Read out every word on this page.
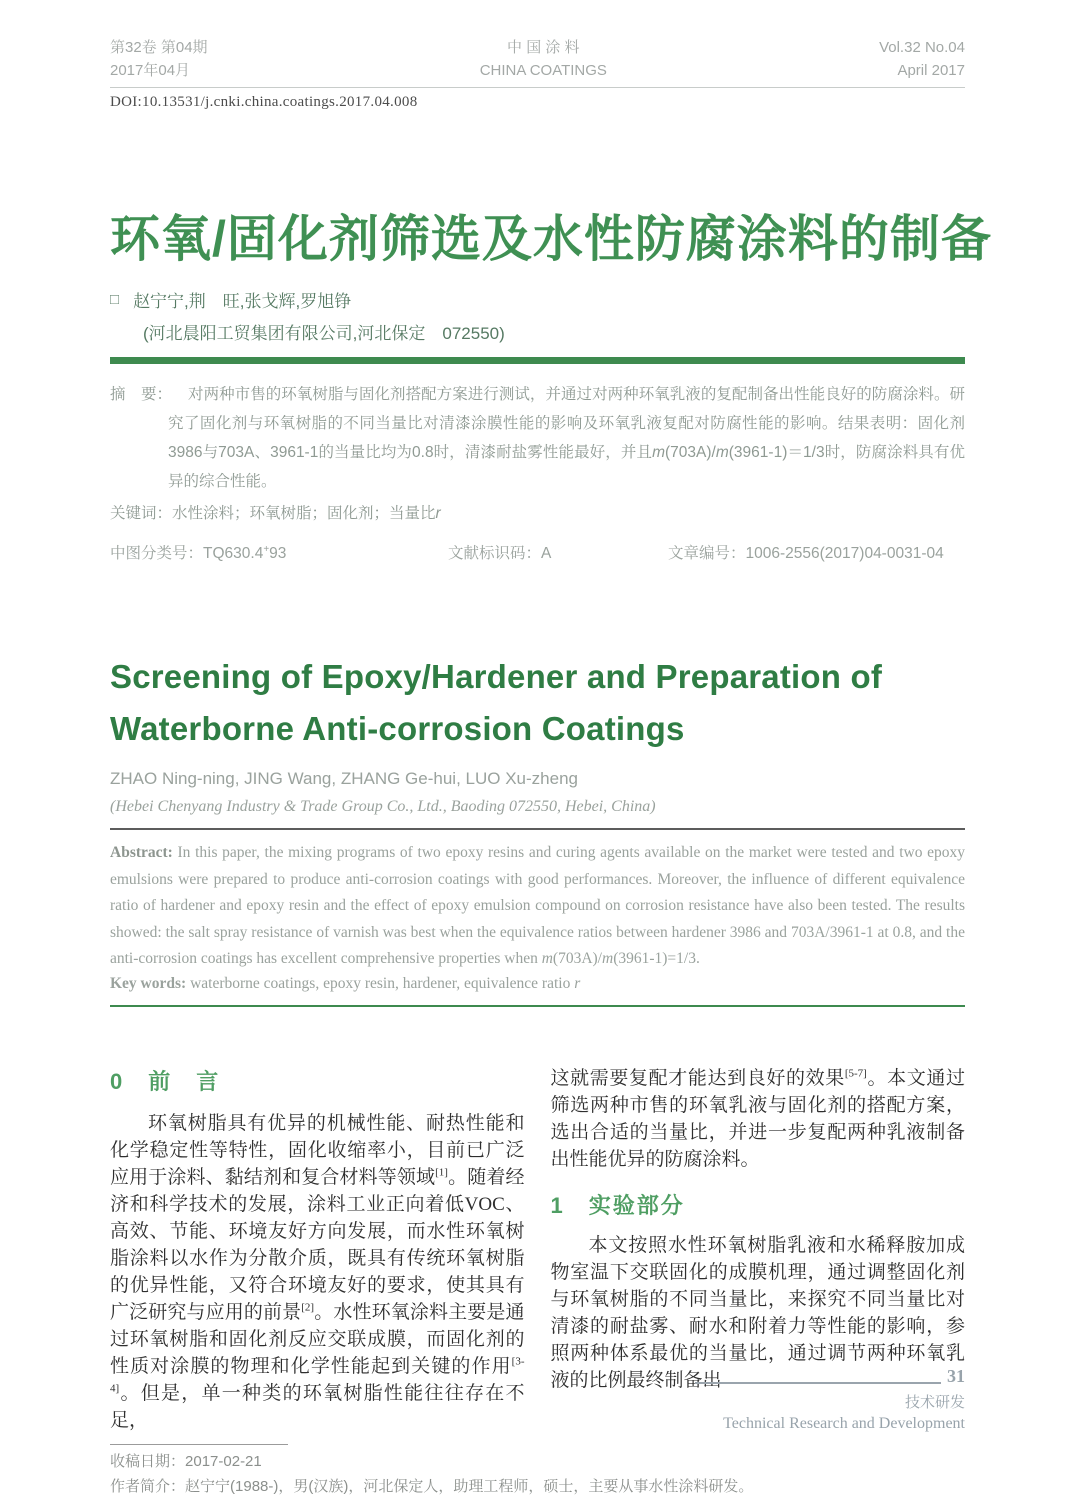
第32卷 第04期
2017年04月
中 国 涂 料
CHINA COATINGS
Vol.32 No.04
April 2017
DOI:10.13531/j.cnki.china.coatings.2017.04.008
环氧/固化剂筛选及水性防腐涂料的制备
□ 赵宁宁,荆　旺,张戈辉,罗旭铮
(河北晨阳工贸集团有限公司,河北保定　072550)
摘　要： 对两种市售的环氧树脂与固化剂搭配方案进行测试，并通过对两种环氧乳液的复配制备出性能良好的防腐涂料。研究了固化剂与环氧树脂的不同当量比对清漆涂膜性能的影响及环氧乳液复配对防腐性能的影响。结果表明：固化剂3986与703A、3961-1的当量比均为0.8时，清漆耐盐雾性能最好，并且m(703A)/m(3961-1)＝1/3时，防腐涂料具有优异的综合性能。
关键词：水性涂料；环氧树脂；固化剂；当量比r
中图分类号：TQ630.4+93	文献标识码：A	文章编号：1006-2556(2017)04-0031-04
Screening of Epoxy/Hardener and Preparation of
Waterborne Anti-corrosion Coatings
ZHAO Ning-ning, JING Wang, ZHANG Ge-hui, LUO Xu-zheng
(Hebei Chenyang Industry & Trade Group Co., Ltd., Baoding 072550, Hebei, China)
Abstract: In this paper, the mixing programs of two epoxy resins and curing agents available on the market were tested and two epoxy emulsions were prepared to produce anti-corrosion coatings with good performances. Moreover, the influence of different equivalence ratio of hardener and epoxy resin and the effect of epoxy emulsion compound on corrosion resistance have also been tested. The results showed: the salt spray resistance of varnish was best when the equivalence ratios between hardener 3986 and 703A/3961-1 at 0.8, and the anti-corrosion coatings has excellent comprehensive properties when m(703A)/m(3961-1)=1/3.
Key words: waterborne coatings, epoxy resin, hardener, equivalence ratio r
0 前　言

环氧树脂具有优异的机械性能、耐热性能和化学稳定性等特性，固化收缩率小，目前已广泛应用于涂料、黏结剂和复合材料等领域[1]。随着经济和科学技术的发展，涂料工业正向着低VOC、高效、节能、环境友好方向发展，而水性环氧树脂涂料以水作为分散介质，既具有传统环氧树脂的优异性能，又符合环境友好的要求，使其具有广泛研究与应用的前景[2]。水性环氧涂料主要是通过环氧树脂和固化剂反应交联成膜，而固化剂的性质对涂膜的物理和化学性能起到关键的作用[3-4]。但是，单一种类的环氧树脂性能往往存在不足，

这就需要复配才能达到良好的效果[5-7]。本文通过筛选两种市售的环氧乳液与固化剂的搭配方案，选出合适的当量比，并进一步复配两种乳液制备出性能优异的防腐涂料。

1 实验部分

本文按照水性环氧树脂乳液和水稀释胺加成物室温下交联固化的成膜机理，通过调整固化剂与环氧树脂的不同当量比，来探究不同当量比对清漆的耐盐雾、耐水和附着力等性能的影响，参照两种体系最优的当量比，通过调节两种环氧乳液的比例最终制备出

收稿日期：2017-02-21
作者简介：赵宁宁(1988-)，男(汉族)，河北保定人，助理工程师，硕士，主要从事水性涂料研发。
31
技术研发
Technical Research and Development
